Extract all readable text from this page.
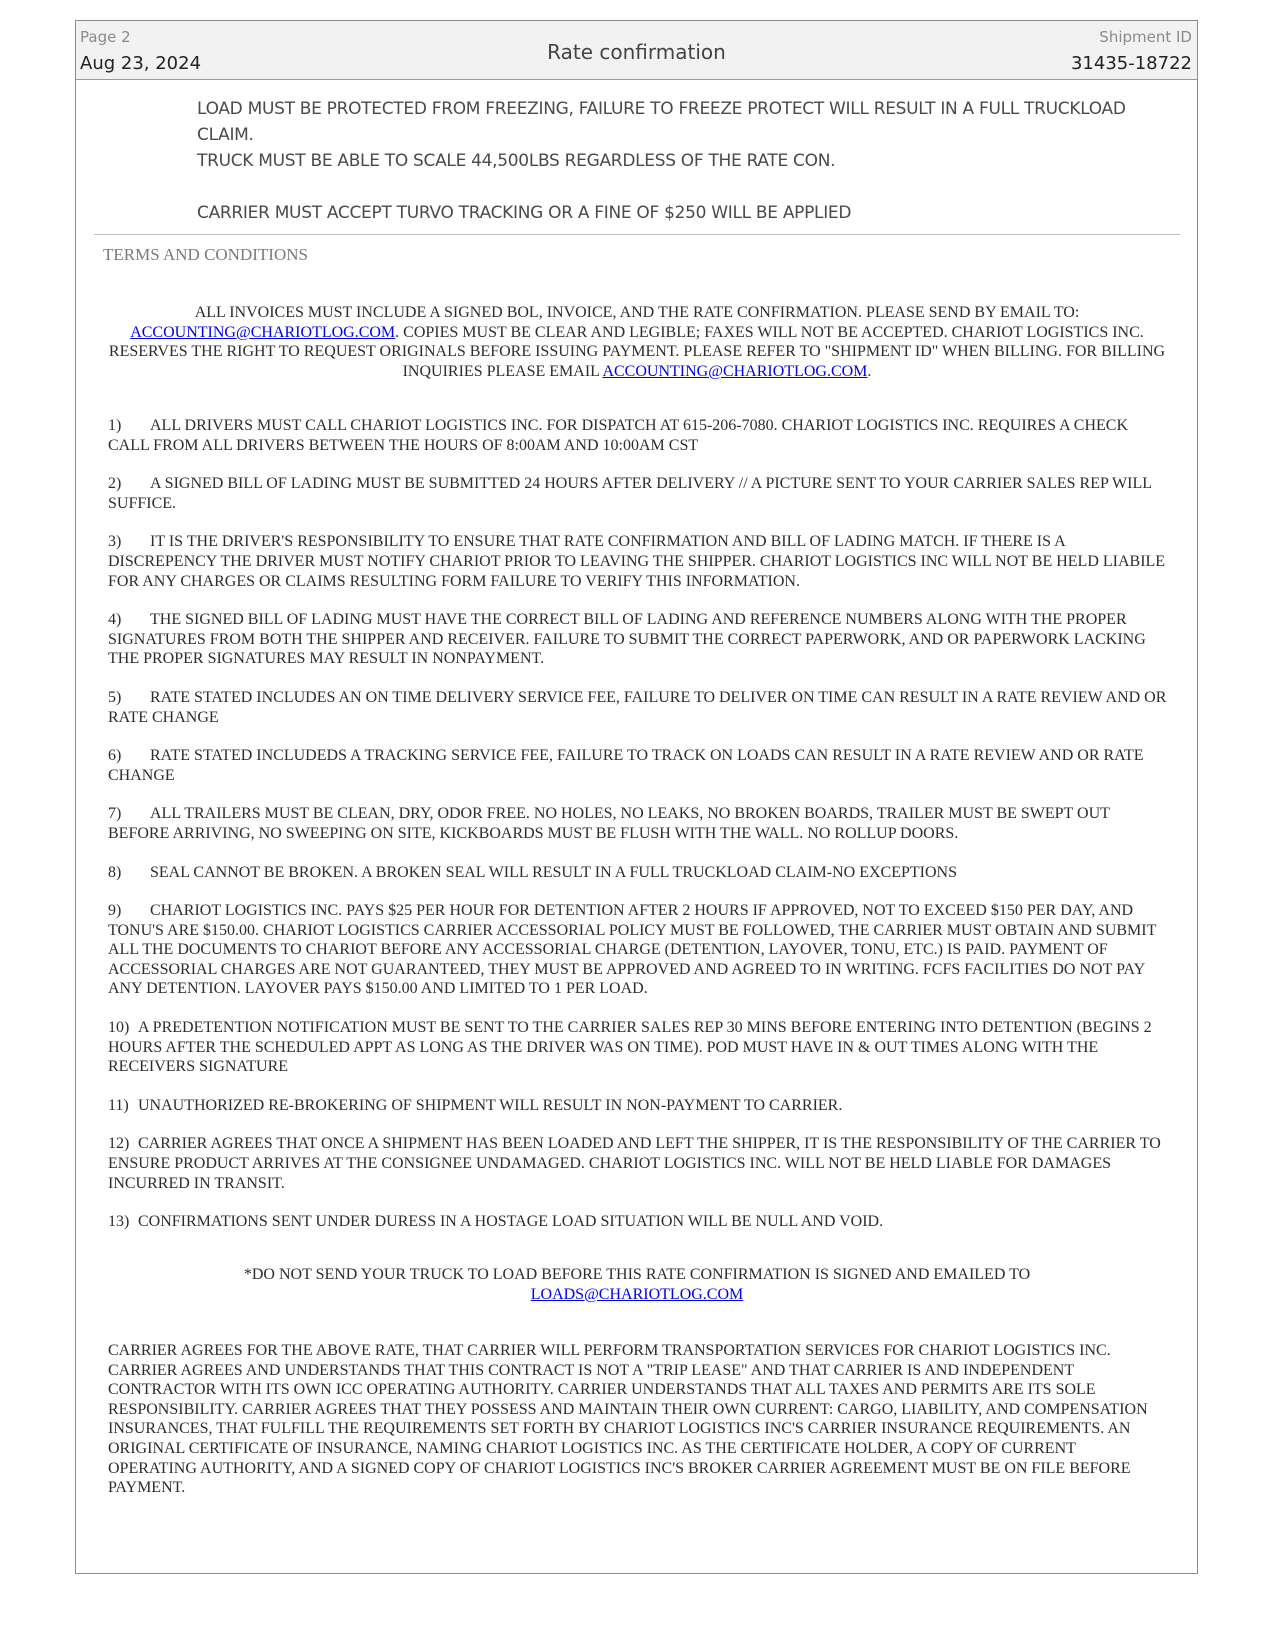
Page 2
Aug 23, 2024	Rate confirmation
Shipment ID
31435-18722

LOAD MUST BE PROTECTED FROM FREEZING, FAILURE TO FREEZE PROTECT WILL RESULT IN A FULL TRUCKLOAD CLAIM.

TRUCK MUST BE ABLE TO SCALE 44,500LBS REGARDLESS OF THE RATE CON.

CARRIER MUST ACCEPT TURVO TRACKING OR A FINE OF $250 WILL BE APPLIED

TERMS AND CONDITIONS
ALL INVOICES MUST INCLUDE A SIGNED BOL, INVOICE, AND THE RATE CONFIRMATION. PLEASE SEND BY EMAIL TO: ACCOUNTING@CHARIOTLOG.COM. COPIES MUST BE CLEAR AND LEGIBLE; FAXES WILL NOT BE ACCEPTED. CHARIOT LOGISTICS INC. RESERVES THE RIGHT TO REQUEST ORIGINALS BEFORE ISSUING PAYMENT. PLEASE REFER TO "SHIPMENT ID" WHEN BILLING. FOR BILLING INQUIRIES PLEASE EMAIL ACCOUNTING@CHARIOTLOG.COM.

1) ALL DRIVERS MUST CALL CHARIOT LOGISTICS INC. FOR DISPATCH AT 615-206-7080. CHARIOT LOGISTICS INC. REQUIRES A CHECK CALL FROM ALL DRIVERS BETWEEN THE HOURS OF 8:00AM AND 10:00AM CST

2) A SIGNED BILL OF LADING MUST BE SUBMITTED 24 HOURS AFTER DELIVERY // A PICTURE SENT TO YOUR CARRIER SALES REP WILL SUFFICE.

3) IT IS THE DRIVER'S RESPONSIBILITY TO ENSURE THAT RATE CONFIRMATION AND BILL OF LADING MATCH. IF THERE IS A DISCREPENCY THE DRIVER MUST NOTIFY CHARIOT PRIOR TO LEAVING THE SHIPPER. CHARIOT LOGISTICS INC WILL NOT BE HELD LIABILE FOR ANY CHARGES OR CLAIMS RESULTING FORM FAILURE TO VERIFY THIS INFORMATION.

4) THE SIGNED BILL OF LADING MUST HAVE THE CORRECT BILL OF LADING AND REFERENCE NUMBERS ALONG WITH THE PROPER SIGNATURES FROM BOTH THE SHIPPER AND RECEIVER. FAILURE TO SUBMIT THE CORRECT PAPERWORK, AND OR PAPERWORK LACKING THE PROPER SIGNATURES MAY RESULT IN NONPAYMENT.

5) RATE STATED INCLUDES AN ON TIME DELIVERY SERVICE FEE, FAILURE TO DELIVER ON TIME CAN RESULT IN A RATE REVIEW AND OR RATE CHANGE

6) RATE STATED INCLUDEDS A TRACKING SERVICE FEE, FAILURE TO TRACK ON LOADS CAN RESULT IN A RATE REVIEW AND OR RATE CHANGE

7) ALL TRAILERS MUST BE CLEAN, DRY, ODOR FREE. NO HOLES, NO LEAKS, NO BROKEN BOARDS, TRAILER MUST BE SWEPT OUT BEFORE ARRIVING, NO SWEEPING ON SITE, KICKBOARDS MUST BE FLUSH WITH THE WALL. NO ROLLUP DOORS.

8) SEAL CANNOT BE BROKEN. A BROKEN SEAL WILL RESULT IN A FULL TRUCKLOAD CLAIM-NO EXCEPTIONS

9) CHARIOT LOGISTICS INC. PAYS $25 PER HOUR FOR DETENTION AFTER 2 HOURS IF APPROVED, NOT TO EXCEED $150 PER DAY, AND TONU'S ARE $150.00. CHARIOT LOGISTICS CARRIER ACCESSORIAL POLICY MUST BE FOLLOWED, THE CARRIER MUST OBTAIN AND SUBMIT ALL THE DOCUMENTS TO CHARIOT BEFORE ANY ACCESSORIAL CHARGE (DETENTION, LAYOVER, TONU, ETC.) IS PAID. PAYMENT OF ACCESSORIAL CHARGES ARE NOT GUARANTEED, THEY MUST BE APPROVED AND AGREED TO IN WRITING. FCFS FACILITIES DO NOT PAY ANY DETENTION. LAYOVER PAYS $150.00 AND LIMITED TO 1 PER LOAD.

10) A PREDETENTION NOTIFICATION MUST BE SENT TO THE CARRIER SALES REP 30 MINS BEFORE ENTERING INTO DETENTION (BEGINS 2 HOURS AFTER THE SCHEDULED APPT AS LONG AS THE DRIVER WAS ON TIME). POD MUST HAVE IN & OUT TIMES ALONG WITH THE RECEIVERS SIGNATURE

11) UNAUTHORIZED RE-BROKERING OF SHIPMENT WILL RESULT IN NON-PAYMENT TO CARRIER.

12) CARRIER AGREES THAT ONCE A SHIPMENT HAS BEEN LOADED AND LEFT THE SHIPPER, IT IS THE RESPONSIBILITY OF THE CARRIER TO ENSURE PRODUCT ARRIVES AT THE CONSIGNEE UNDAMAGED. CHARIOT LOGISTICS INC. WILL NOT BE HELD LIABLE FOR DAMAGES INCURRED IN TRANSIT.

13) CONFIRMATIONS SENT UNDER DURESS IN A HOSTAGE LOAD SITUATION WILL BE NULL AND VOID.

*DO NOT SEND YOUR TRUCK TO LOAD BEFORE THIS RATE CONFIRMATION IS SIGNED AND EMAILED TO
LOADS@CHARIOTLOG.COM
CARRIER AGREES FOR THE ABOVE RATE, THAT CARRIER WILL PERFORM TRANSPORTATION SERVICES FOR CHARIOT LOGISTICS INC. CARRIER AGREES AND UNDERSTANDS THAT THIS CONTRACT IS NOT A "TRIP LEASE" AND THAT CARRIER IS AND INDEPENDENT CONTRACTOR WITH ITS OWN ICC OPERATING AUTHORITY. CARRIER UNDERSTANDS THAT ALL TAXES AND PERMITS ARE ITS SOLE RESPONSIBILITY. CARRIER AGREES THAT THEY POSSESS AND MAINTAIN THEIR OWN CURRENT: CARGO, LIABILITY, AND COMPENSATION INSURANCES, THAT FULFILL THE REQUIREMENTS SET FORTH BY CHARIOT LOGISTICS INC'S CARRIER INSURANCE REQUIREMENTS. AN ORIGINAL CERTIFICATE OF INSURANCE, NAMING CHARIOT LOGISTICS INC. AS THE CERTIFICATE HOLDER, A COPY OF CURRENT OPERATING AUTHORITY, AND A SIGNED COPY OF CHARIOT LOGISTICS INC'S BROKER CARRIER AGREEMENT MUST BE ON FILE BEFORE PAYMENT.
